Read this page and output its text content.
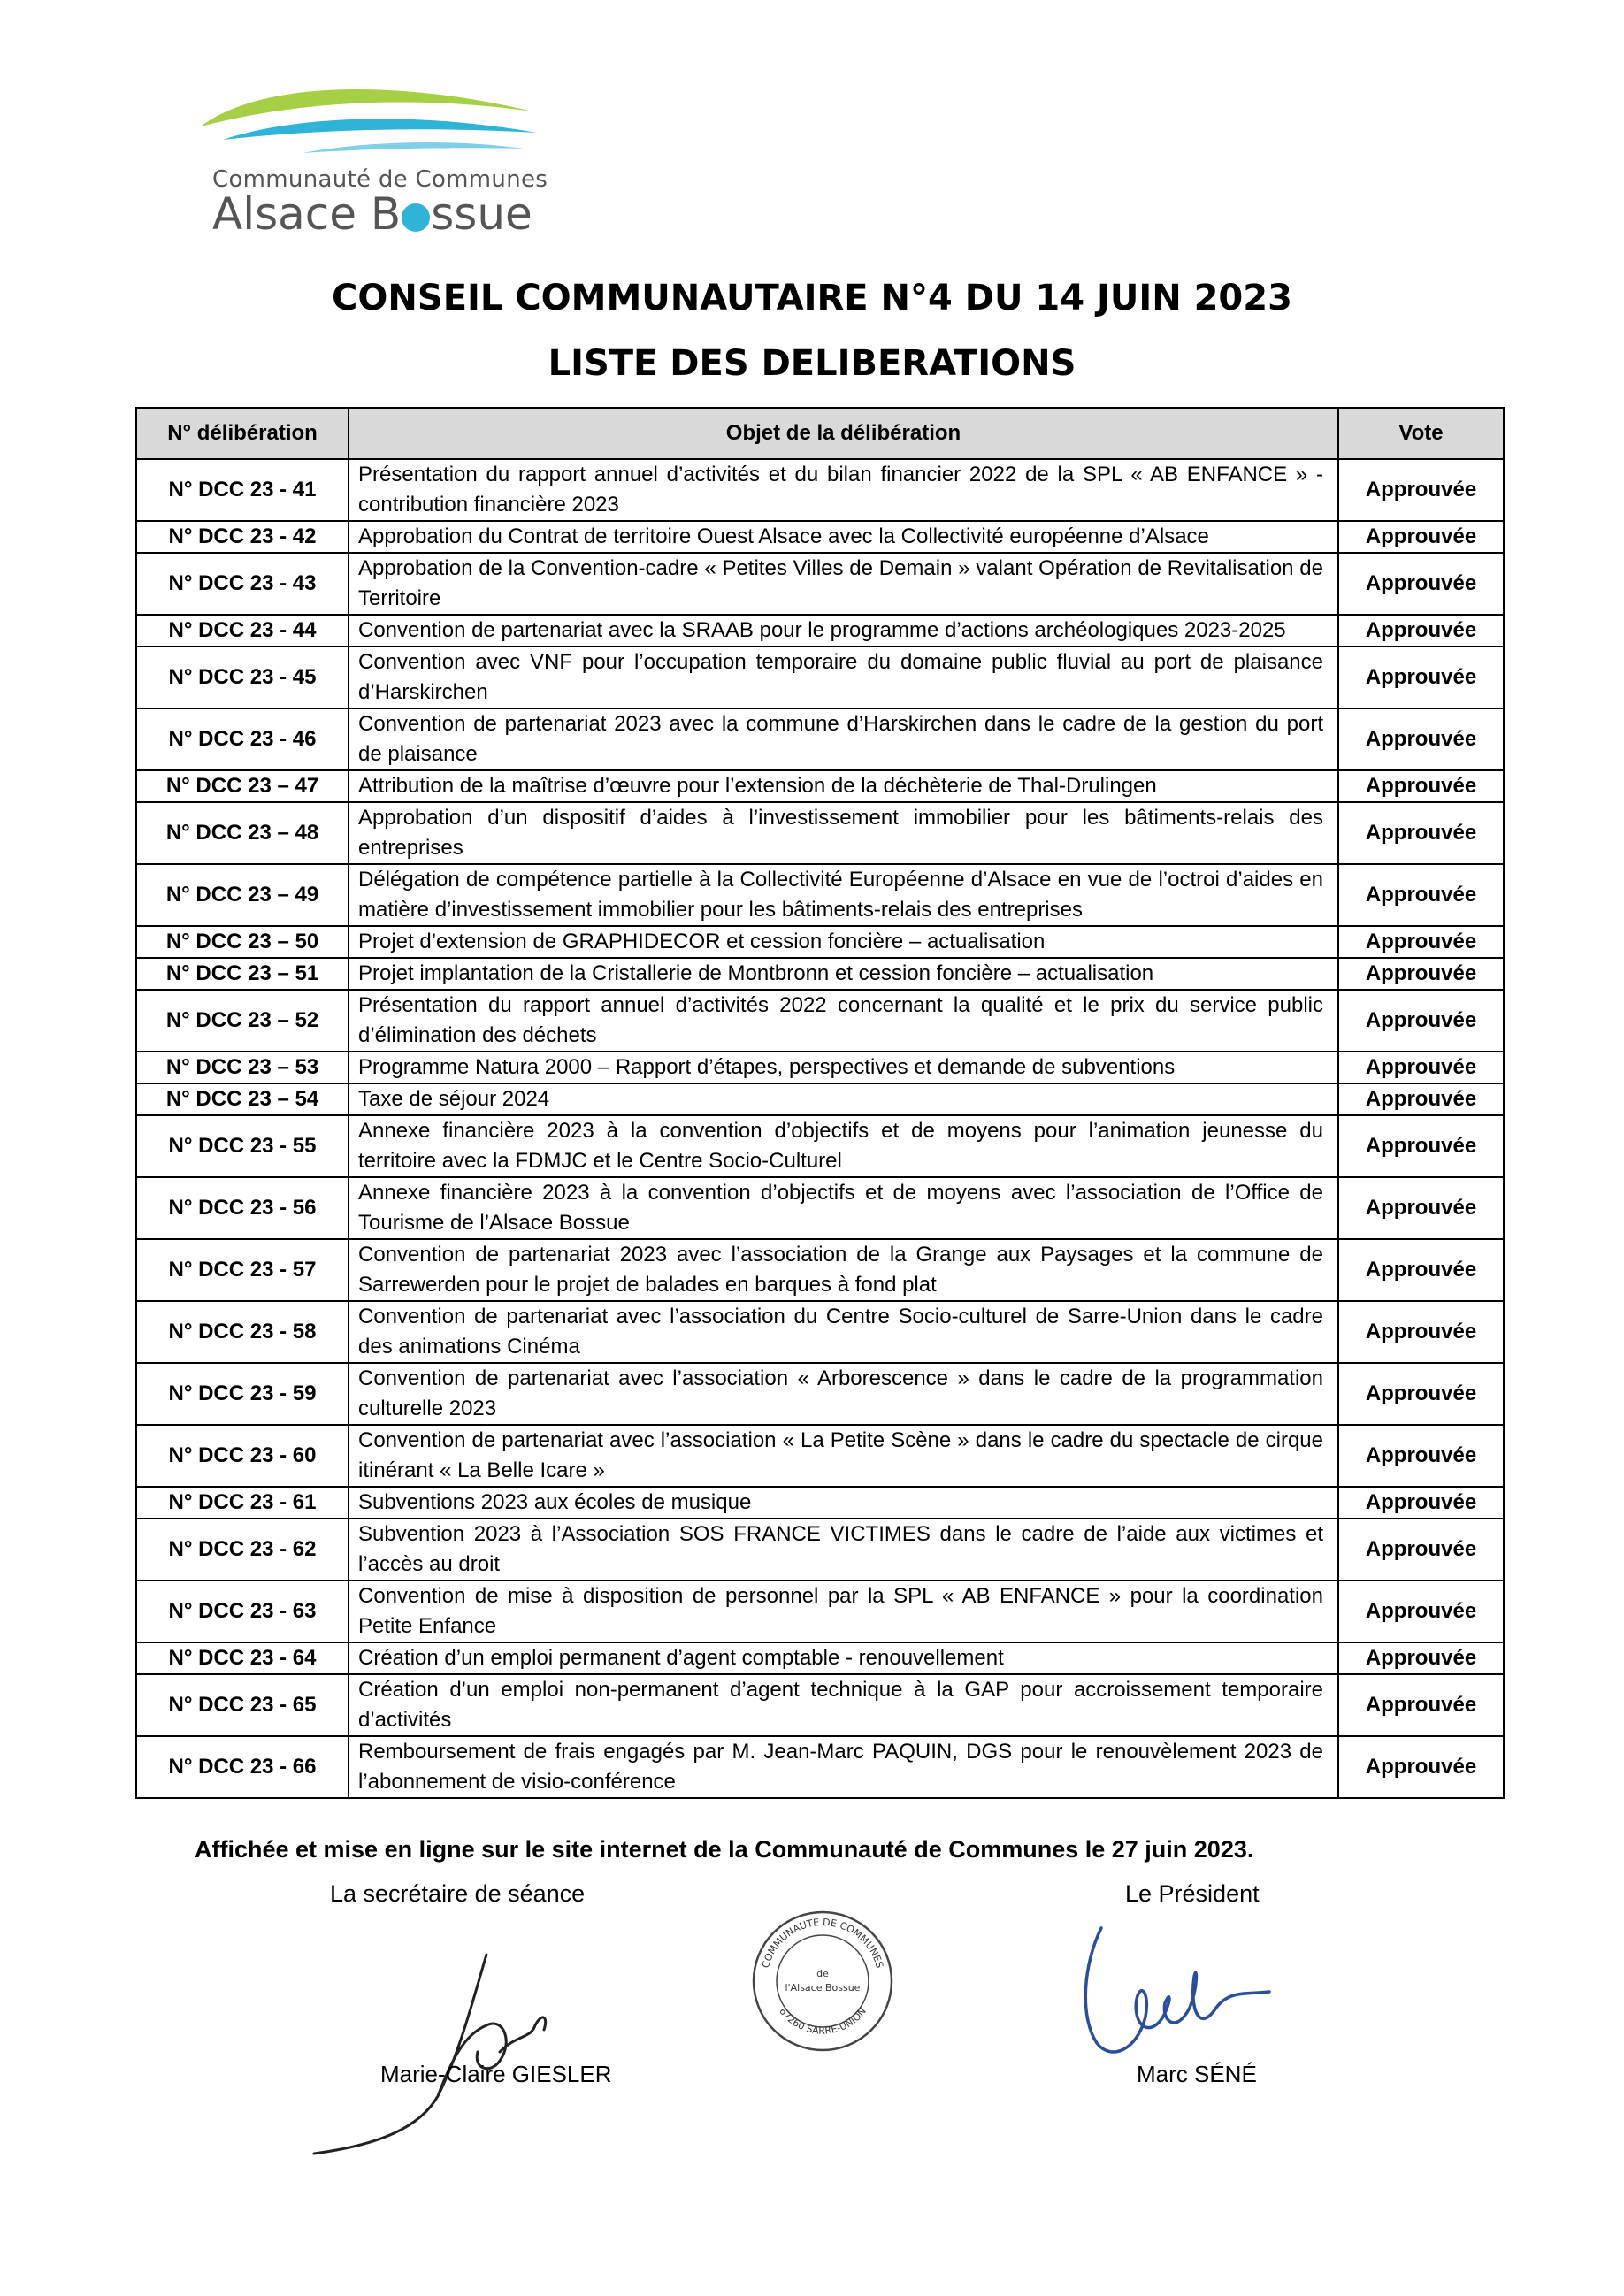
Communauté de Communes
Alsace B ssue
CONSEIL COMMUNAUTAIRE N°4 DU 14 JUIN 2023
LISTE DES DELIBERATIONS
N° délibération	Objet de la délibération	Vote
N° DCC 23 - 41	Présentation du rapport annuel d’activités et du bilan financier 2022 de la SPL « AB ENFANCE » - contribution financière 2023	Approuvée
N° DCC 23 - 42	Approbation du Contrat de territoire Ouest Alsace avec la Collectivité européenne d’Alsace	Approuvée
N° DCC 23 - 43	Approbation de la Convention-cadre « Petites Villes de Demain » valant Opération de Revitalisation de Territoire	Approuvée
N° DCC 23 - 44	Convention de partenariat avec la SRAAB pour le programme d’actions archéologiques 2023-2025	Approuvée
N° DCC 23 - 45	Convention avec VNF pour l’occupation temporaire du domaine public fluvial au port de plaisance d’Harskirchen	Approuvée
N° DCC 23 - 46	Convention de partenariat 2023 avec la commune d’Harskirchen dans le cadre de la gestion du port de plaisance	Approuvée
N° DCC 23 – 47	Attribution de la maîtrise d’œuvre pour l’extension de la déchèterie de Thal-Drulingen	Approuvée
N° DCC 23 – 48	Approbation d’un dispositif d’aides à l’investissement immobilier pour les bâtiments-relais des entreprises	Approuvée
N° DCC 23 – 49	Délégation de compétence partielle à la Collectivité Européenne d’Alsace en vue de l’octroi d’aides en matière d’investissement immobilier pour les bâtiments-relais des entreprises	Approuvée
N° DCC 23 – 50	Projet d’extension de GRAPHIDECOR et cession foncière – actualisation	Approuvée
N° DCC 23 – 51	Projet implantation de la Cristallerie de Montbronn et cession foncière – actualisation	Approuvée
N° DCC 23 – 52	Présentation du rapport annuel d’activités 2022 concernant la qualité et le prix du service public d’élimination des déchets	Approuvée
N° DCC 23 – 53	Programme Natura 2000 – Rapport d’étapes, perspectives et demande de subventions	Approuvée
N° DCC 23 – 54	Taxe de séjour 2024	Approuvée
N° DCC 23 - 55	Annexe financière 2023 à la convention d’objectifs et de moyens pour l’animation jeunesse du territoire avec la FDMJC et le Centre Socio-Culturel	Approuvée
N° DCC 23 - 56	Annexe financière 2023 à la convention d’objectifs et de moyens avec l’association de l’Office de Tourisme de l’Alsace Bossue	Approuvée
N° DCC 23 - 57	Convention de partenariat 2023 avec l’association de la Grange aux Paysages et la commune de Sarrewerden pour le projet de balades en barques à fond plat	Approuvée
N° DCC 23 - 58	Convention de partenariat avec l’association du Centre Socio-culturel de Sarre-Union dans le cadre des animations Cinéma	Approuvée
N° DCC 23 - 59	Convention de partenariat avec l’association « Arborescence » dans le cadre de la programmation culturelle 2023	Approuvée
N° DCC 23 - 60	Convention de partenariat avec l’association « La Petite Scène » dans le cadre du spectacle de cirque itinérant « La Belle Icare »	Approuvée
N° DCC 23 - 61	Subventions 2023 aux écoles de musique	Approuvée
N° DCC 23 - 62	Subvention 2023 à l’Association SOS FRANCE VICTIMES dans le cadre de l’aide aux victimes et l’accès au droit	Approuvée
N° DCC 23 - 63	Convention de mise à disposition de personnel par la SPL « AB ENFANCE » pour la coordination Petite Enfance	Approuvée
N° DCC 23 - 64	Création d’un emploi permanent d’agent comptable - renouvellement	Approuvée
N° DCC 23 - 65	Création d’un emploi non-permanent d’agent technique à la GAP pour accroissement temporaire d’activités	Approuvée
N° DCC 23 - 66	Remboursement de frais engagés par M. Jean-Marc PAQUIN, DGS pour le renouvèlement 2023 de l’abonnement de visio-conférence	Approuvée
Affichée et mise en ligne sur le site internet de la Communauté de Communes le 27 juin 2023.
La secrétaire de séance	Le Président
Marie-Claire GIESLER
COMMUNAUTE DE COMMUNES
67260 SARRE-UNION
de
l'Alsace Bossue
Marc SÉNÉ
